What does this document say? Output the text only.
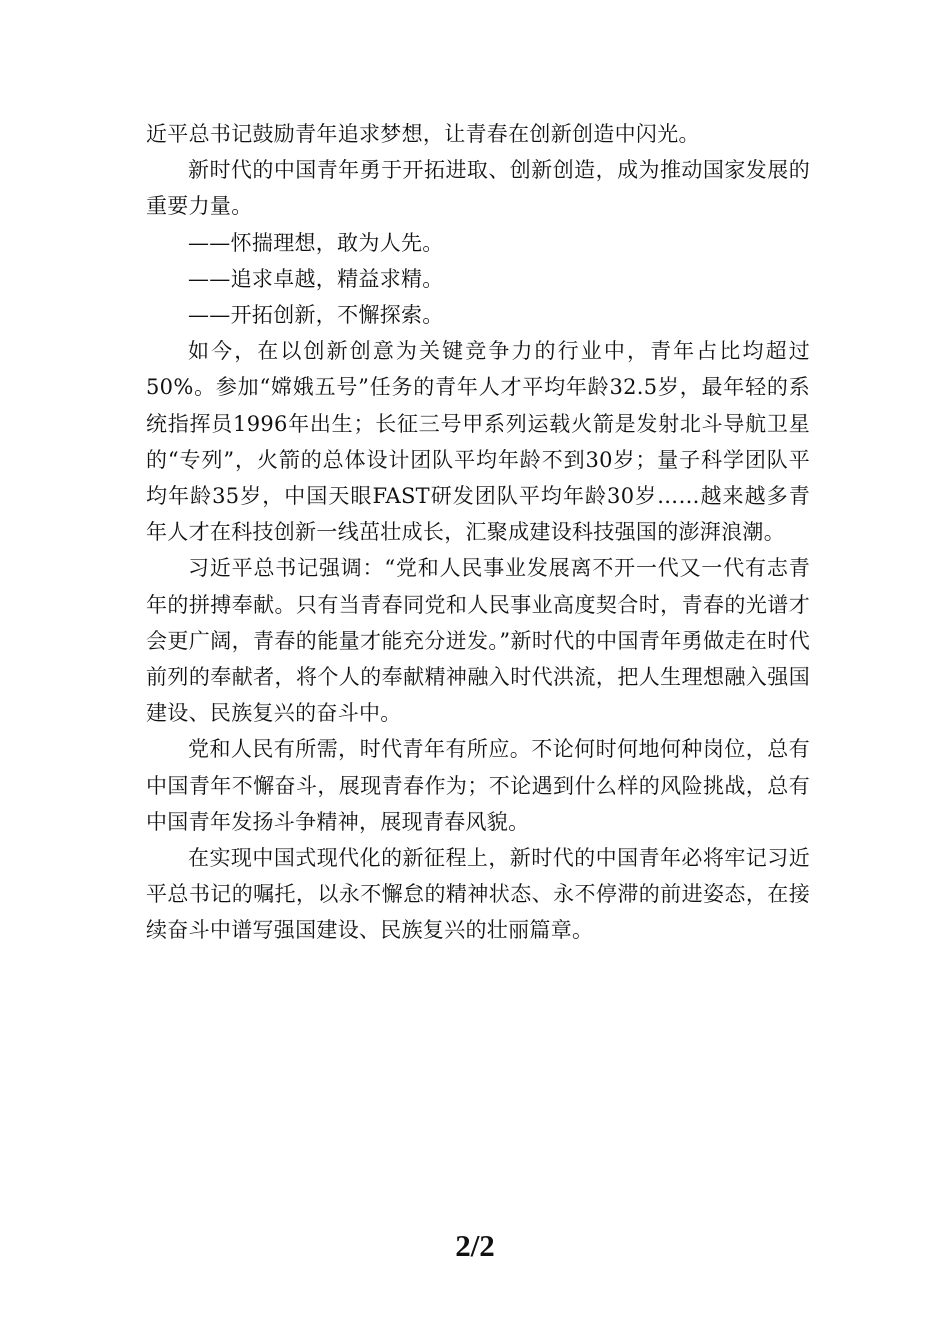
近平总书记鼓励青年追求梦想，让青春在创新创造中闪光。

新时代的中国青年勇于开拓进取、创新创造，成为推动国家发展的重要力量。

——怀揣理想，敢为人先。

——追求卓越，精益求精。

——开拓创新，不懈探索。

如今，在以创新创意为关键竞争力的行业中，青年占比均超过50%。参加“嫦娥五号”任务的青年人才平均年龄32.5岁，最年轻的系统指挥员1996年出生；长征三号甲系列运载火箭是发射北斗导航卫星的“专列”，火箭的总体设计团队平均年龄不到30岁；量子科学团队平均年龄35岁，中国天眼FAST研发团队平均年龄30岁……越来越多青年人才在科技创新一线茁壮成长，汇聚成建设科技强国的澎湃浪潮。

习近平总书记强调：“党和人民事业发展离不开一代又一代有志青年的拼搏奉献。只有当青春同党和人民事业高度契合时，青春的光谱才会更广阔，青春的能量才能充分迸发。”新时代的中国青年勇做走在时代前列的奉献者，将个人的奉献精神融入时代洪流，把人生理想融入强国建设、民族复兴的奋斗中。

党和人民有所需，时代青年有所应。不论何时何地何种岗位，总有中国青年不懈奋斗，展现青春作为；不论遇到什么样的风险挑战，总有中国青年发扬斗争精神，展现青春风貌。

在实现中国式现代化的新征程上，新时代的中国青年必将牢记习近平总书记的嘱托，以永不懈怠的精神状态、永不停滞的前进姿态，在接续奋斗中谱写强国建设、民族复兴的壮丽篇章。

2/2
